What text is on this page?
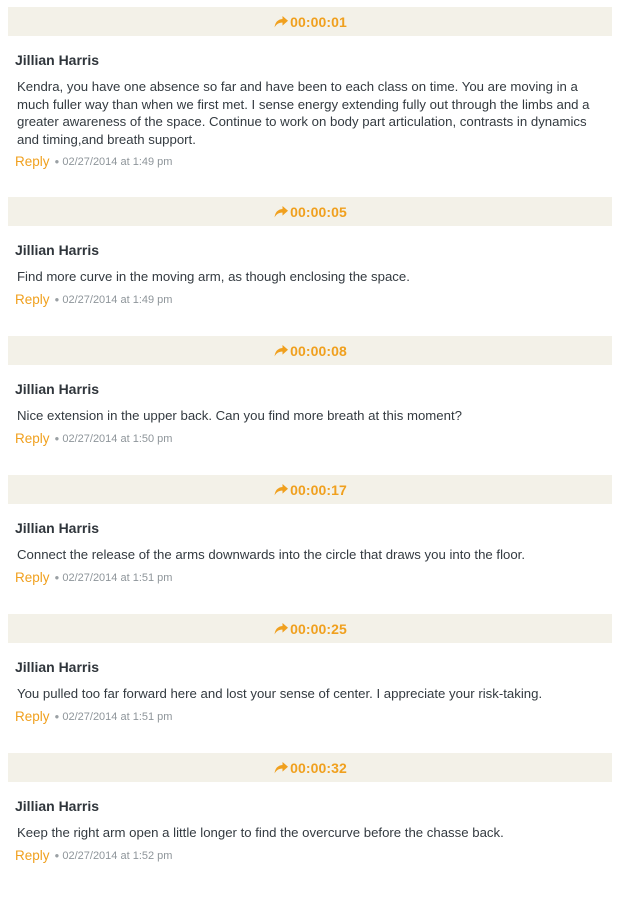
00:00:01
Jillian Harris
Kendra, you have one absence so far and have been to each class on time. You are moving in a much fuller way than when we first met. I sense energy extending fully out through the limbs and a greater awareness of the space. Continue to work on body part articulation, contrasts in dynamics and timing,and breath support.
Reply ● 02/27/2014 at 1:49 pm
00:00:05
Jillian Harris
Find more curve in the moving arm, as though enclosing the space.
Reply ● 02/27/2014 at 1:49 pm
00:00:08
Jillian Harris
Nice extension in the upper back. Can you find more breath at this moment?
Reply ● 02/27/2014 at 1:50 pm
00:00:17
Jillian Harris
Connect the release of the arms downwards into the circle that draws you into the floor.
Reply ● 02/27/2014 at 1:51 pm
00:00:25
Jillian Harris
You pulled too far forward here and lost your sense of center. I appreciate your risk-taking.
Reply ● 02/27/2014 at 1:51 pm
00:00:32
Jillian Harris
Keep the right arm open a little longer to find the overcurve before the chasse back.
Reply ● 02/27/2014 at 1:52 pm
